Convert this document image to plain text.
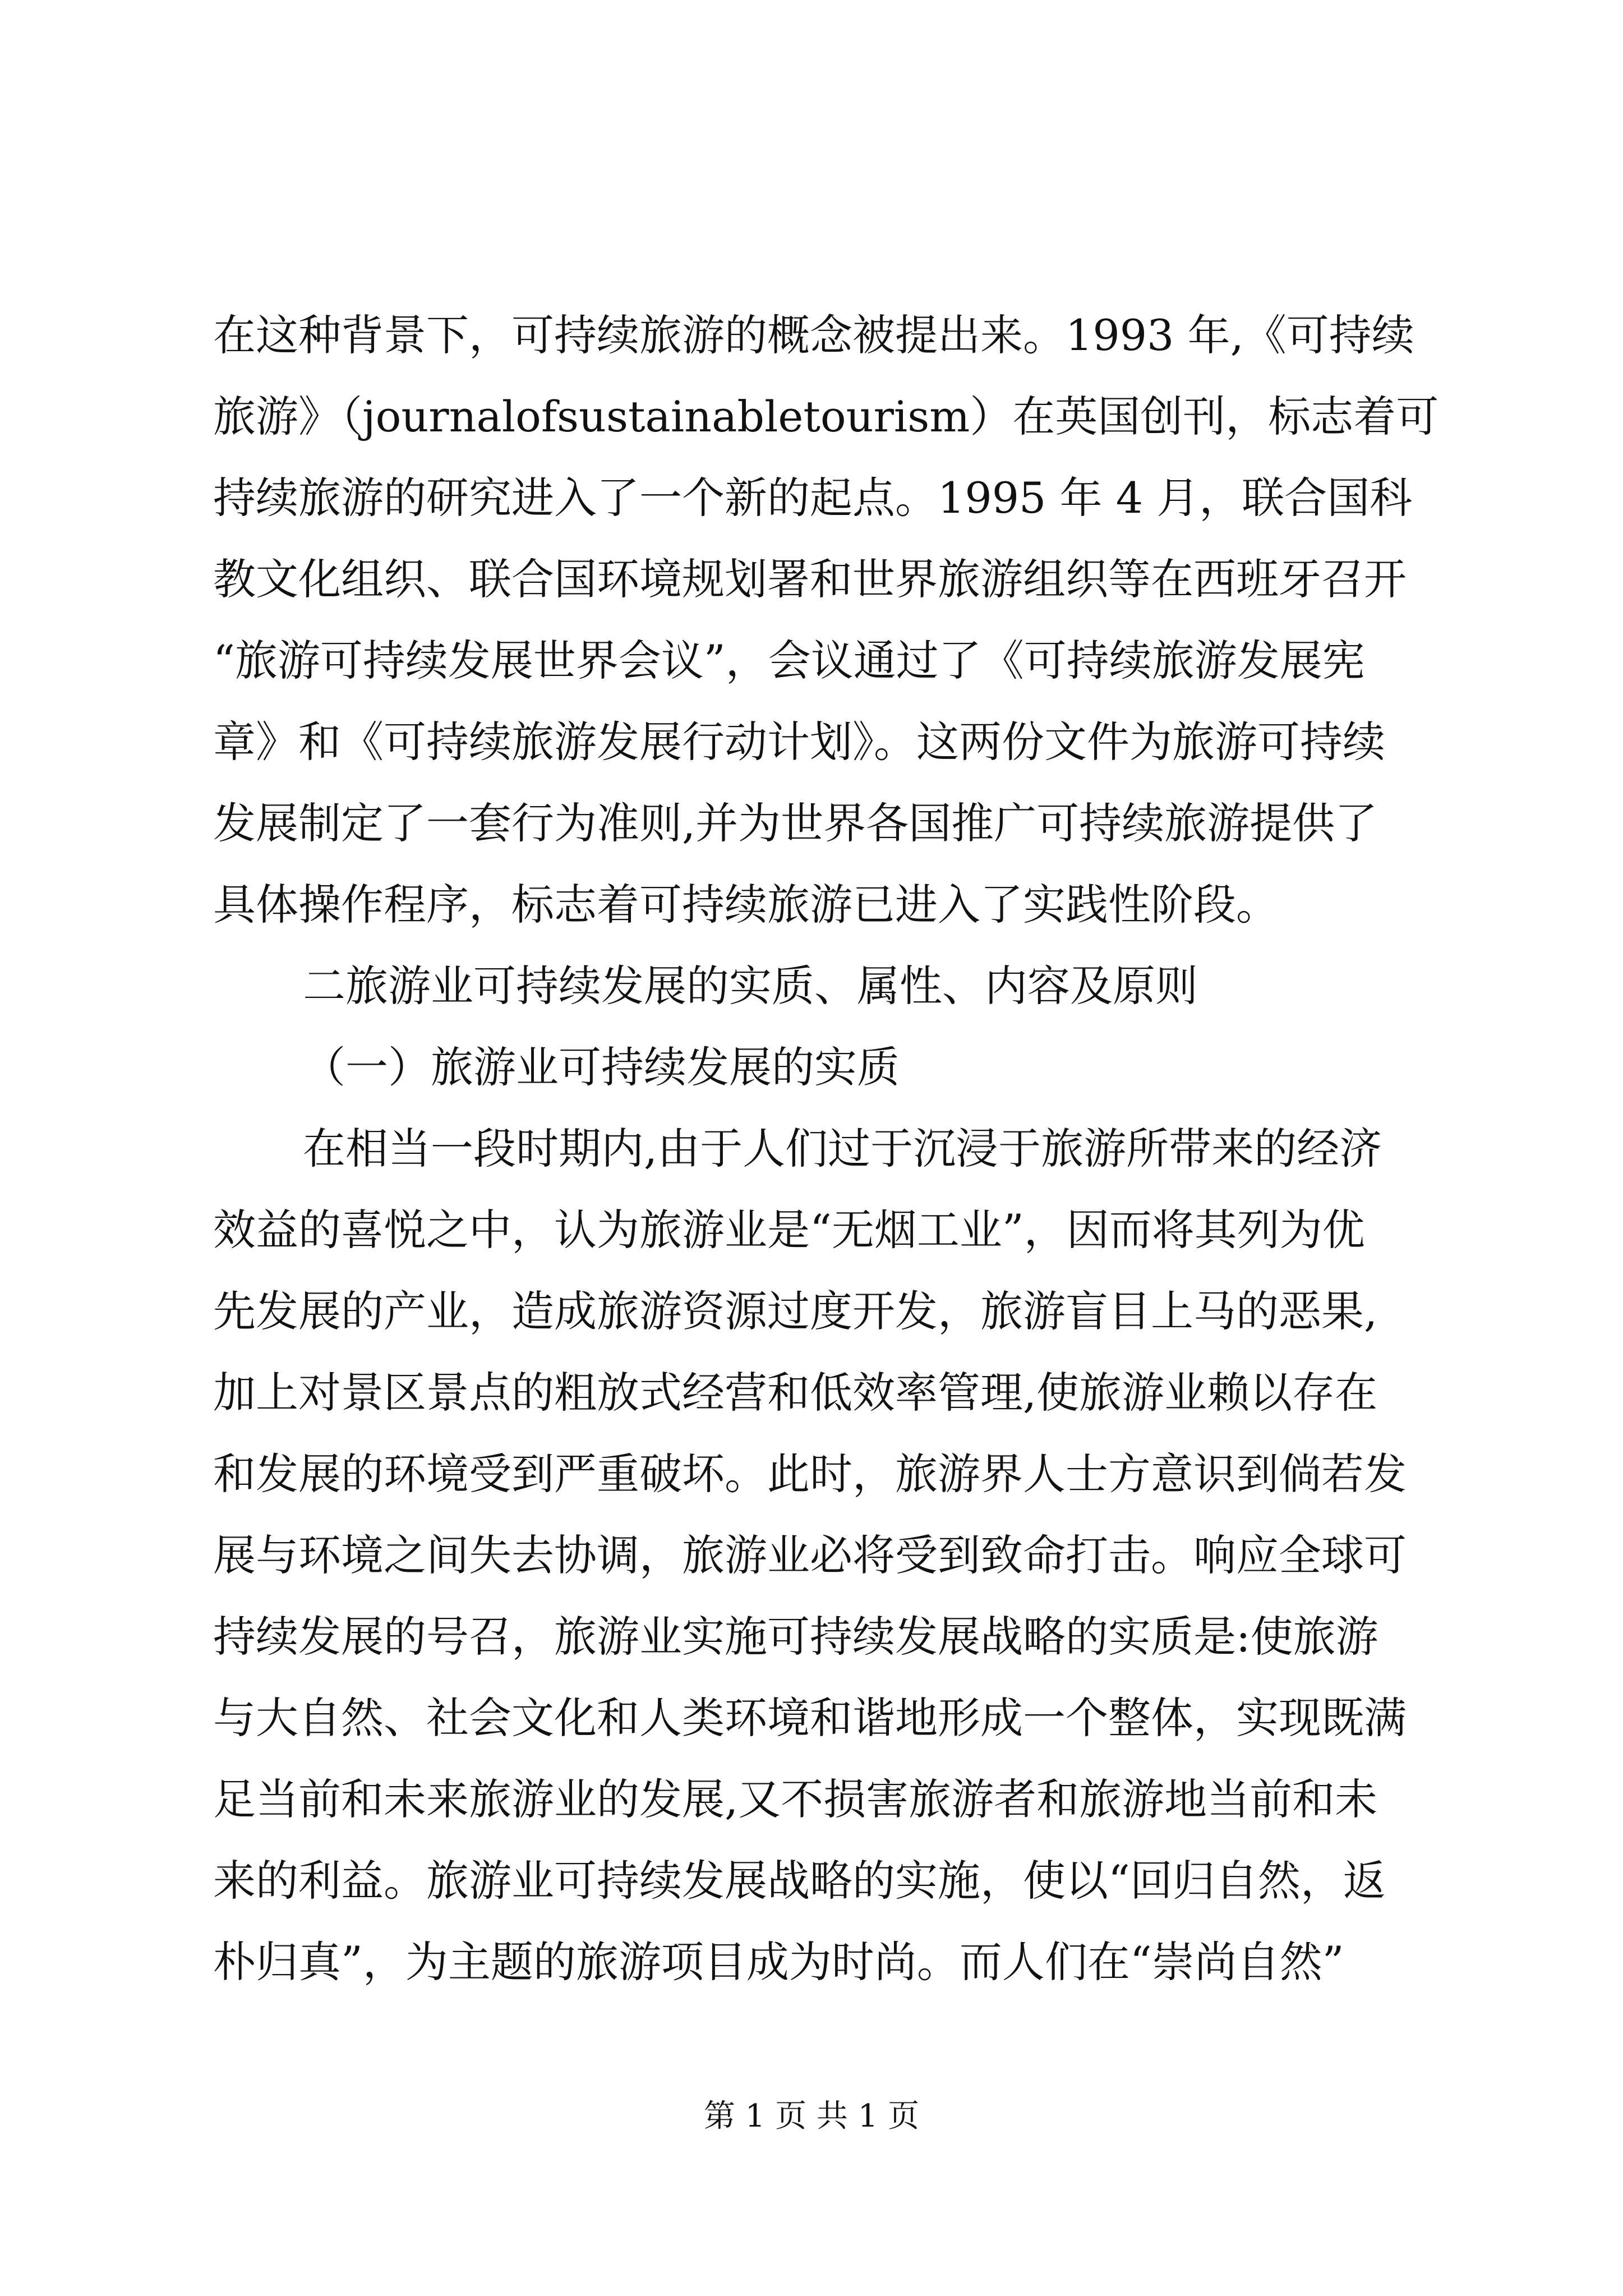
在这种背景下，可持续旅游的概念被提出来。1993 年,《可持续
旅游》（journalofsustainabletourism）在英国创刊，标志着可
持续旅游的研究进入了一个新的起点。1995 年 4 月，联合国科
教文化组织、联合国环境规划署和世界旅游组织等在西班牙召开
“旅游可持续发展世界会议”，会议通过了《可持续旅游发展宪
章》和《可持续旅游发展行动计划》。这两份文件为旅游可持续
发展制定了一套行为准则,并为世界各国推广可持续旅游提供了
具体操作程序，标志着可持续旅游已进入了实践性阶段。
二旅游业可持续发展的实质、属性、内容及原则
（一）旅游业可持续发展的实质
在相当一段时期内,由于人们过于沉浸于旅游所带来的经济
效益的喜悦之中，认为旅游业是“无烟工业”，因而将其列为优
先发展的产业，造成旅游资源过度开发，旅游盲目上马的恶果,
加上对景区景点的粗放式经营和低效率管理,使旅游业赖以存在
和发展的环境受到严重破坏。此时，旅游界人士方意识到倘若发
展与环境之间失去协调，旅游业必将受到致命打击。响应全球可
持续发展的号召，旅游业实施可持续发展战略的实质是:使旅游
与大自然、社会文化和人类环境和谐地形成一个整体，实现既满
足当前和未来旅游业的发展,又不损害旅游者和旅游地当前和未
来的利益。旅游业可持续发展战略的实施，使以“回归自然，返
朴归真”，为主题的旅游项目成为时尚。而人们在“崇尚自然”
第 1 页 共 1 页
